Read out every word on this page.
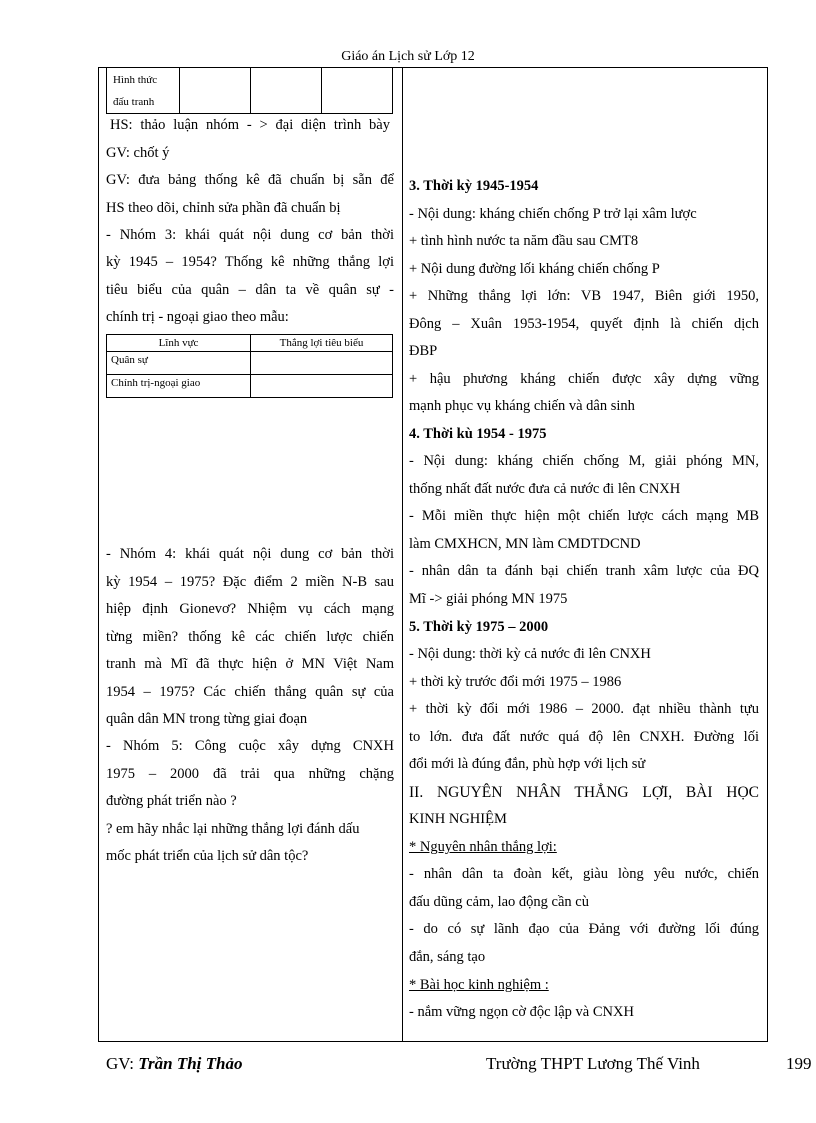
Giáo án Lịch sử Lớp 12
Hình thức
đấu tranh
HS: thảo luận nhóm - > đại diện trình bày
GV: chốt ý
GV: đưa bảng thống kê đã chuẩn bị sẵn để
HS theo dõi, chỉnh sửa phần đã chuẩn bị
- Nhóm 3: khái quát nội dung cơ bản thời
kỳ 1945 – 1954? Thống kê những thắng lợi
tiêu biểu của quân – dân ta về quân sự -
chính trị - ngoại giao theo mẫu:
Lĩnh vực	Thắng lợi tiêu biểu
Quân sự	
Chính trị-ngoại giao	
- Nhóm 4: khái quát nội dung cơ bản thời
kỳ 1954 – 1975? Đặc điểm 2 miền N-B sau
hiệp định Gionevơ? Nhiệm vụ cách mạng
từng miền? thống kê các chiến lược chiến
tranh mà Mĩ đã thực hiện ở MN Việt Nam
1954 – 1975? Các chiến thắng quân sự của
quân dân MN trong từng giai đoạn
- Nhóm 5: Công cuộc xây dựng CNXH
1975 – 2000 đã trải qua những chặng
đường phát triển nào ?
? em hãy nhắc lại những thắng lợi đánh dấu
mốc phát triển của lịch sử dân tộc?
3. Thời kỳ 1945-1954
- Nội dung: kháng chiến chống P trở lại xâm lược
+ tình hình nước ta năm đầu sau CMT8
+ Nội dung đường lối kháng chiến chống P
+ Những thắng lợi lớn: VB 1947, Biên giới 1950,
Đông – Xuân 1953-1954, quyết định là chiến dịch
ĐBP
+ hậu phương kháng chiến được xây dựng vững
mạnh phục vụ kháng chiến và dân sinh
4. Thời kù 1954 - 1975
- Nội dung: kháng chiến chống M, giải phóng MN,
thống nhất đất nước đưa cả nước đi lên CNXH
- Mỗi miền thực hiện một chiến lược cách mạng MB
làm CMXHCN, MN làm CMDTDCND
- nhân dân ta đánh bại chiến tranh xâm lược của ĐQ
Mĩ -> giải phóng MN 1975
5. Thời kỳ 1975 – 2000
- Nội dung: thời kỳ cả nước đi lên CNXH
+ thời kỳ trước đổi mới 1975 – 1986
+ thời kỳ đổi mới 1986 – 2000. đạt nhiều thành tựu
to lớn. đưa đất nước quá độ lên CNXH. Đường lối
đổi mới là đúng đắn, phù hợp với lịch sử
II. NGUYÊN NHÂN THẮNG LỢI, BÀI HỌC
KINH NGHIỆM
* Nguyên nhân thắng lợi:
- nhân dân ta đoàn kết, giàu lòng yêu nước, chiến
đấu dũng cảm, lao động cần cù
- do có sự lãnh đạo của Đảng với đường lối đúng
đắn, sáng tạo
* Bài học kinh nghiệm :
- nắm vững ngọn cờ độc lập và CNXH
GV: Trần Thị Thảo	Trường THPT Lương Thế Vinh	199
